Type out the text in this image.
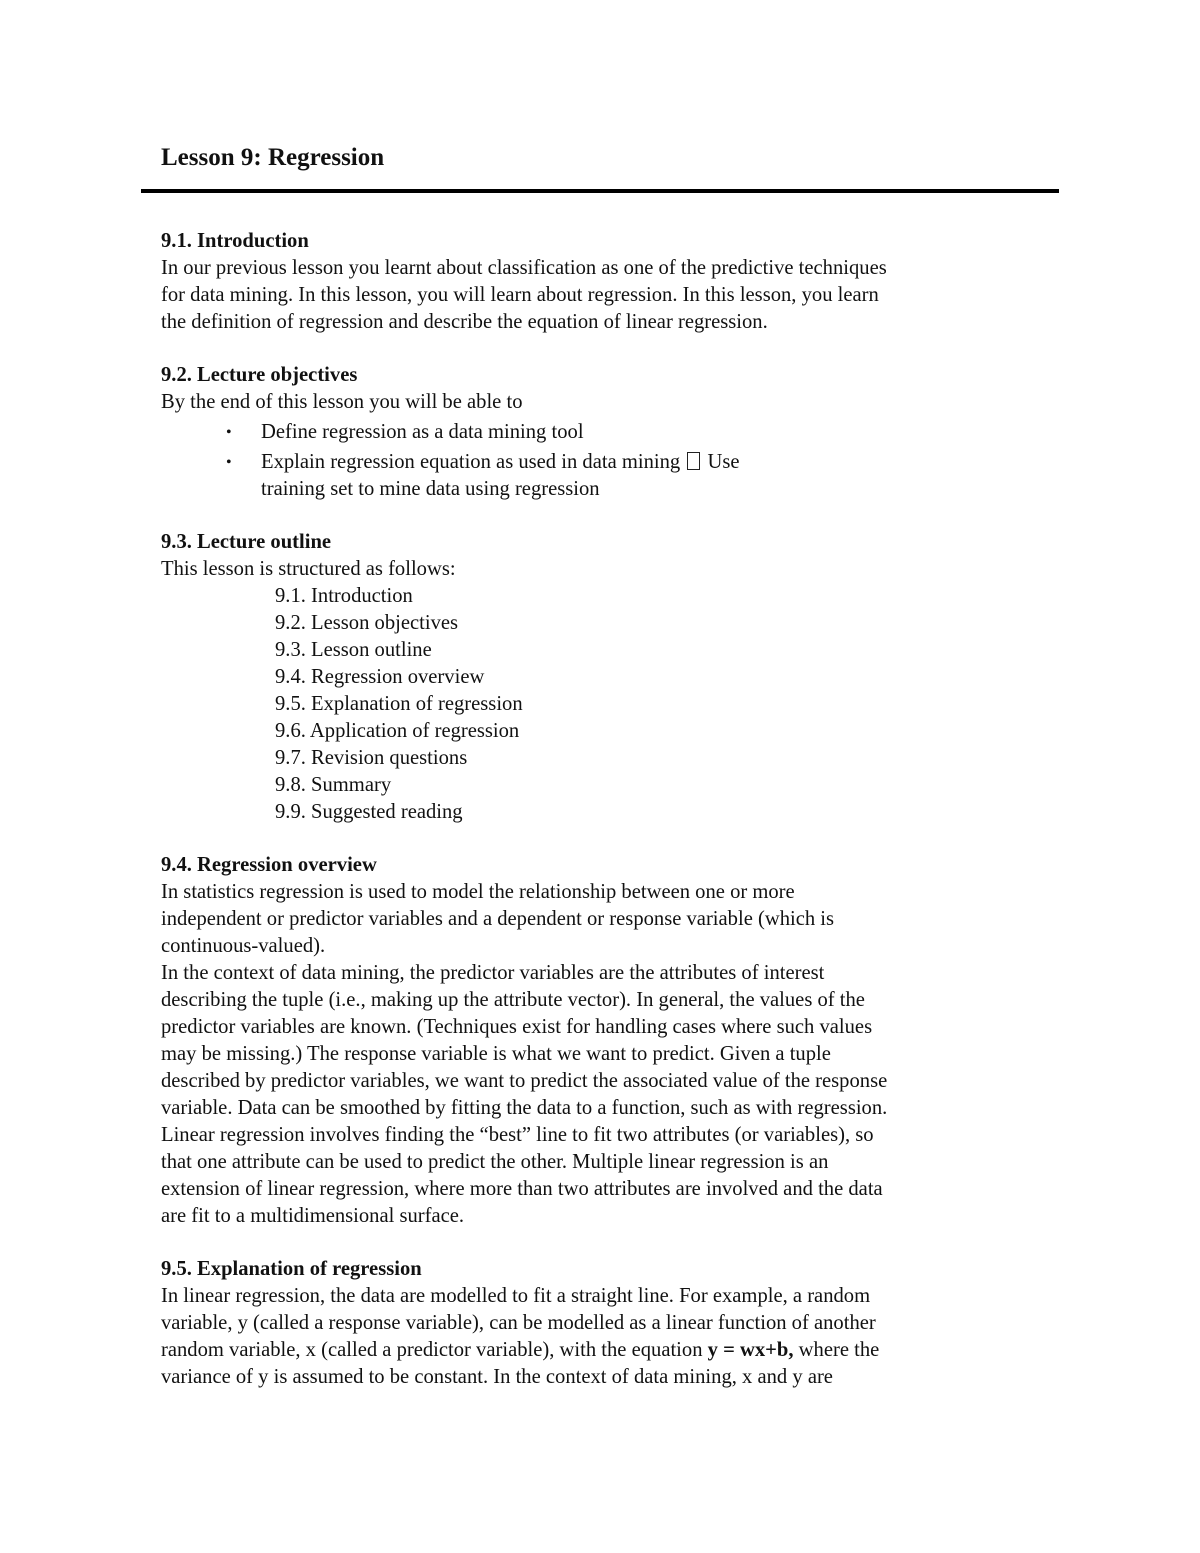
Lesson 9: Regression
9.1. Introduction

In our previous lesson you learnt about classification as one of the predictive techniques

for data mining. In this lesson, you will learn about regression. In this lesson, you learn

the definition of regression and describe the equation of linear regression.

9.2. Lecture objectives

By the end of this lesson you will be able to

• Define regression as a data mining tool
• Explain regression equation as used in data mining Use
training set to mine data using regression
9.3. Lecture outline

This lesson is structured as follows:

9.1. Introduction
9.2. Lesson objectives
9.3. Lesson outline
9.4. Regression overview
9.5. Explanation of regression
9.6. Application of regression
9.7. Revision questions
9.8. Summary
9.9. Suggested reading
9.4. Regression overview

In statistics regression is used to model the relationship between one or more

independent or predictor variables and a dependent or response variable (which is

continuous-valued).

In the context of data mining, the predictor variables are the attributes of interest

describing the tuple (i.e., making up the attribute vector). In general, the values of the

predictor variables are known. (Techniques exist for handling cases where such values

may be missing.) The response variable is what we want to predict. Given a tuple

described by predictor variables, we want to predict the associated value of the response

variable. Data can be smoothed by fitting the data to a function, such as with regression.

Linear regression involves finding the “best” line to fit two attributes (or variables), so

that one attribute can be used to predict the other. Multiple linear regression is an

extension of linear regression, where more than two attributes are involved and the data

are fit to a multidimensional surface.

9.5. Explanation of regression

In linear regression, the data are modelled to fit a straight line. For example, a random

variable, y (called a response variable), can be modelled as a linear function of another

random variable, x (called a predictor variable), with the equation y = wx+b, where the

variance of y is assumed to be constant. In the context of data mining, x and y are
